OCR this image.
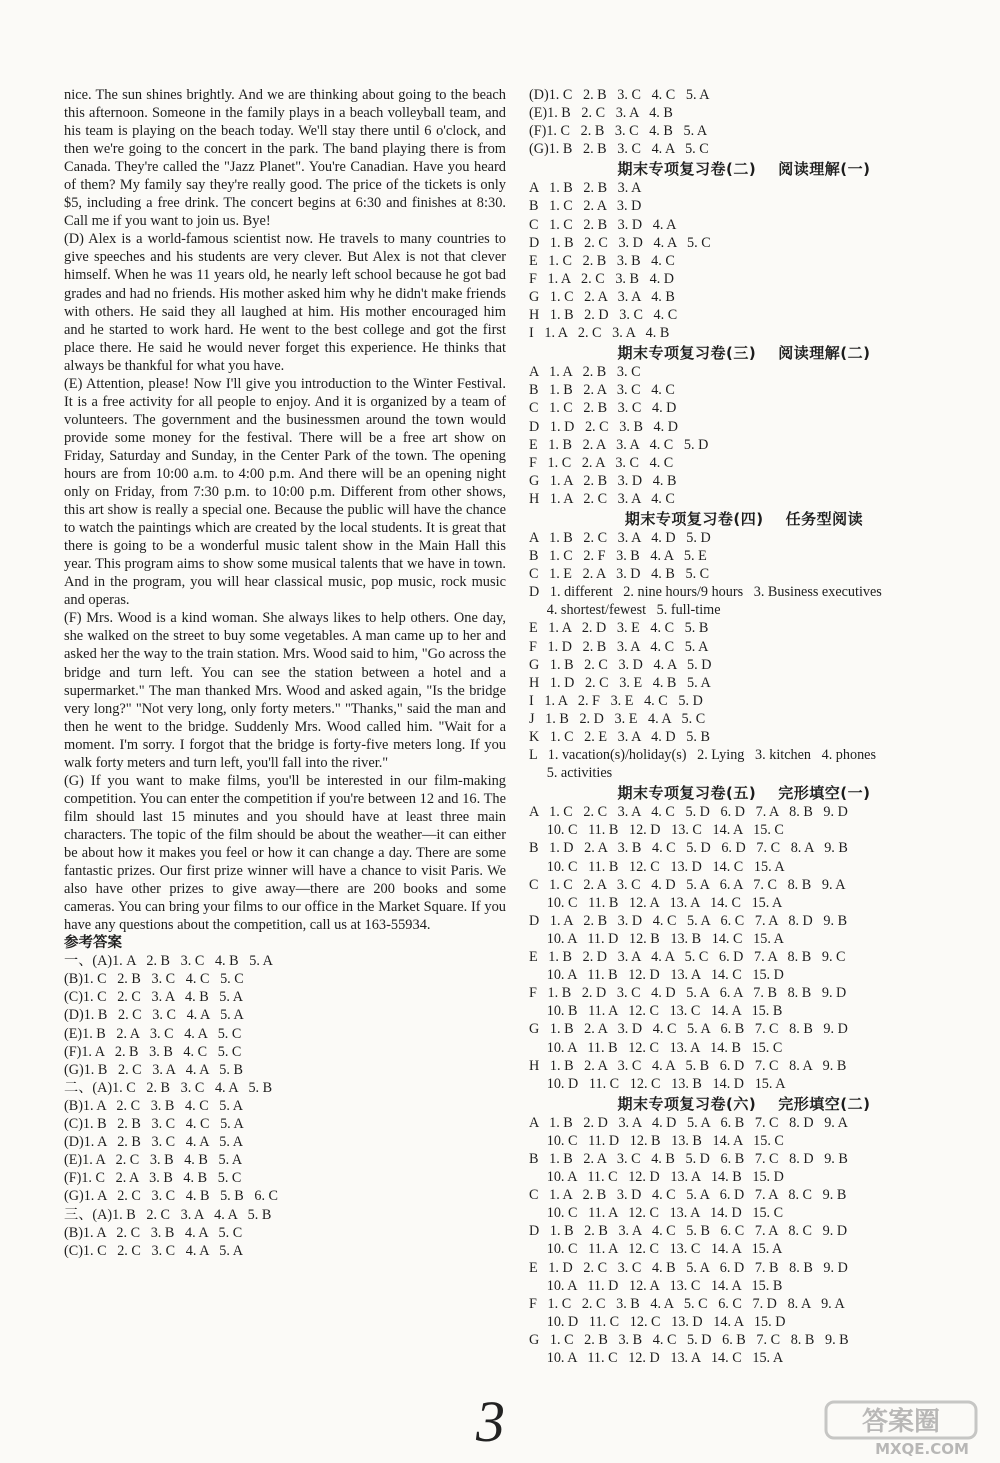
nice. The sun shines brightly. And we are thinking about going to the beach this afternoon. Someone in the family plays in a beach volleyball team, and his team is playing on the beach today. We'll stay there until 6 o'clock, and then we're going to the concert in the park. The band playing there is from Canada. They're called the "Jazz Planet". You're Canadian. Have you heard of them? My family say they're really good. The price of the tickets is only $5, including a free drink. The concert begins at 6:30 and finishes at 8:30. Call me if you want to join us. Bye!

(D) Alex is a world-famous scientist now. He travels to many countries to give speeches and his students are very clever. But Alex is not that clever himself. When he was 11 years old, he nearly left school because he got bad grades and had no friends. His mother asked him why he didn't make friends with others. He said they all laughed at him. His mother encouraged him and he started to work hard. He went to the best college and got the first place there. He said he would never forget this experience. He thinks that always be thankful for what you have.

(E) Attention, please! Now I'll give you introduction to the Winter Festival. It is a free activity for all people to enjoy. And it is organized by a team of volunteers. The government and the businessmen around the town would provide some money for the festival. There will be a free art show on Friday, Saturday and Sunday, in the Center Park of the town. The opening hours are from 10:00 a.m. to 4:00 p.m. And there will be an opening night only on Friday, from 7:30 p.m. to 10:00 p.m. Different from other shows, this art show is really a special one. Because the public will have the chance to watch the paintings which are created by the local students. It is great that there is going to be a wonderful music talent show in the Main Hall this year. This program aims to show some musical talents that we have in town. And in the program, you will hear classical music, pop music, rock music and operas.

(F) Mrs. Wood is a kind woman. She always likes to help others. One day, she walked on the street to buy some vegetables. A man came up to her and asked her the way to the train station. Mrs. Wood said to him, "Go across the bridge and turn left. You can see the station between a hotel and a supermarket." The man thanked Mrs. Wood and asked again, "Is the bridge very long?" "Not very long, only forty meters." "Thanks," said the man and then he went to the bridge. Suddenly Mrs. Wood called him. "Wait for a moment. I'm sorry. I forgot that the bridge is forty-five meters long. If you walk forty meters and turn left, you'll fall into the river."

(G) If you want to make films, you'll be interested in our film-making competition. You can enter the competition if you're between 12 and 16. The film should last 15 minutes and you should have at least three main characters. The topic of the film should be about the weather—it can either be about how it makes you feel or how it can change a day. There are some fantastic prizes. Our first prize winner will have a chance to visit Paris. We also have other prizes to give away—there are 200 books and some cameras. You can bring your films to our office in the Market Square. If you have any questions about the competition, call us at 163-55934.

参考答案

一、(A)1. A   2. B   3. C   4. B   5. A

(B)1. C   2. B   3. C   4. C   5. C

(C)1. C   2. C   3. A   4. B   5. A

(D)1. B   2. C   3. C   4. A   5. A

(E)1. B   2. A   3. C   4. A   5. C

(F)1. A   2. B   3. B   4. C   5. C

(G)1. B   2. C   3. A   4. A   5. B

二、(A)1. C   2. B   3. C   4. A   5. B

(B)1. A   2. C   3. B   4. C   5. A

(C)1. B   2. B   3. C   4. C   5. A

(D)1. A   2. B   3. C   4. A   5. A

(E)1. A   2. C   3. B   4. B   5. A

(F)1. C   2. A   3. B   4. B   5. C

(G)1. A   2. C   3. C   4. B   5. B   6. C

三、(A)1. B   2. C   3. A   4. A   5. B

(B)1. A   2. C   3. B   4. A   5. C

(C)1. C   2. C   3. C   4. A   5. A

(D)1. C   2. B   3. C   4. C   5. A

(E)1. B   2. C   3. A   4. B

(F)1. C   2. B   3. C   4. B   5. A

(G)1. B   2. B   3. C   4. A   5. C

期末专项复习卷(二) 阅读理解(一)

A   1. B   2. B   3. A

B   1. C   2. A   3. D

C   1. C   2. B   3. D   4. A

D   1. B   2. C   3. D   4. A   5. C

E   1. C   2. B   3. B   4. C

F   1. A   2. C   3. B   4. D

G   1. C   2. A   3. A   4. B

H   1. B   2. D   3. C   4. C

I   1. A   2. C   3. A   4. B

期末专项复习卷(三) 阅读理解(二)

A   1. A   2. B   3. C

B   1. B   2. A   3. C   4. C

C   1. C   2. B   3. C   4. D

D   1. D   2. C   3. B   4. D

E   1. B   2. A   3. A   4. C   5. D

F   1. C   2. A   3. C   4. C

G   1. A   2. B   3. D   4. B

H   1. A   2. C   3. A   4. C

期末专项复习卷(四) 任务型阅读

A   1. B   2. C   3. A   4. D   5. D

B   1. C   2. F   3. B   4. A   5. E

C   1. E   2. A   3. D   4. B   5. C

D   1. different   2. nine hours/9 hours   3. Business executives

4. shortest/fewest   5. full-time

E   1. A   2. D   3. E   4. C   5. B

F   1. D   2. B   3. A   4. C   5. A

G   1. B   2. C   3. D   4. A   5. D

H   1. D   2. C   3. E   4. B   5. A

I   1. A   2. F   3. E   4. C   5. D

J   1. B   2. D   3. E   4. A   5. C

K   1. C   2. E   3. A   4. D   5. B

L   1. vacation(s)/holiday(s)   2. Lying   3. kitchen   4. phones

5. activities

期末专项复习卷(五) 完形填空(一)

A   1. C   2. C   3. A   4. C   5. D   6. D   7. A   8. B   9. D

10. C   11. B   12. D   13. C   14. A   15. C

B   1. D   2. A   3. B   4. C   5. D   6. D   7. C   8. A   9. B

10. C   11. B   12. C   13. D   14. C   15. A

C   1. C   2. A   3. C   4. D   5. A   6. A   7. C   8. B   9. A

10. C   11. B   12. A   13. A   14. C   15. A

D   1. A   2. B   3. D   4. C   5. A   6. C   7. A   8. D   9. B

10. A   11. D   12. B   13. B   14. C   15. A

E   1. B   2. D   3. A   4. A   5. C   6. D   7. A   8. B   9. C

10. A   11. B   12. D   13. A   14. C   15. D

F   1. B   2. D   3. C   4. D   5. A   6. A   7. B   8. B   9. D

10. B   11. A   12. C   13. C   14. A   15. B

G   1. B   2. A   3. D   4. C   5. A   6. B   7. C   8. B   9. D

10. A   11. B   12. C   13. A   14. B   15. C

H   1. B   2. A   3. C   4. A   5. B   6. D   7. C   8. A   9. B

10. D   11. C   12. C   13. B   14. D   15. A

期末专项复习卷(六) 完形填空(二)

A   1. B   2. D   3. A   4. D   5. A   6. B   7. C   8. D   9. A

10. C   11. D   12. B   13. B   14. A   15. C

B   1. B   2. A   3. C   4. B   5. D   6. B   7. C   8. D   9. B

10. A   11. C   12. D   13. A   14. B   15. D

C   1. A   2. B   3. D   4. C   5. A   6. D   7. A   8. C   9. B

10. C   11. A   12. C   13. A   14. D   15. C

D   1. B   2. B   3. A   4. C   5. B   6. C   7. A   8. C   9. D

10. C   11. A   12. C   13. C   14. A   15. A

E   1. D   2. C   3. C   4. B   5. A   6. D   7. B   8. B   9. D

10. A   11. D   12. A   13. C   14. A   15. B

F   1. C   2. C   3. B   4. A   5. C   6. C   7. D   8. A   9. A

10. D   11. C   12. C   13. D   14. A   15. D

G   1. C   2. B   3. B   4. C   5. D   6. B   7. C   8. B   9. B

10. A   11. C   12. D   13. A   14. C   15. A

3	答案圈
MXQE.COM
